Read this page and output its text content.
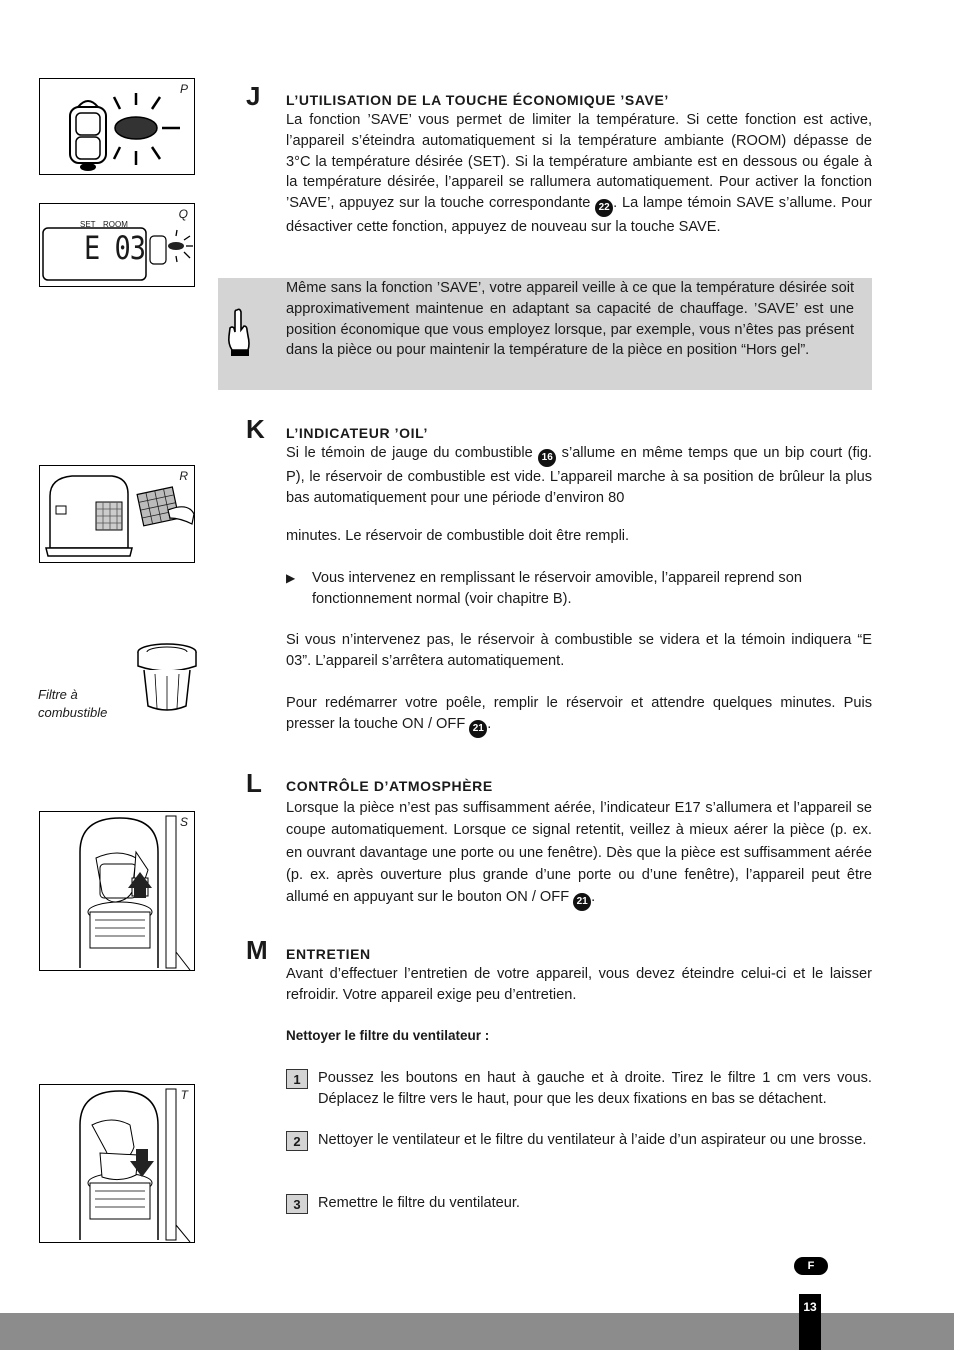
P
Q
SET ROOM
E 03
R
Filtre à
combustible
S
T
J L’UTILISATION DE LA TOUCHE ÉCONOMIQUE ’SAVE’

La fonction ’SAVE’ vous permet de limiter la température. Si cette fonction est active, l’appareil s’éteindra automatiquement si la température ambiante (ROOM) dépasse de 3°C la température désirée (SET). Si la température ambiante est en dessous ou égale à la température désirée, l’appareil se rallumera automatiquement. Pour activer la fonction ’SAVE’, appuyez sur la touche correspondante 22 . La lampe témoin SAVE s’allume. Pour désactiver cette fonction, appuyez de nouveau sur la touche SAVE.

Même sans la fonction ’SAVE’, votre appareil veille à ce que la température désirée soit approximativement maintenue en adaptant sa capacité de chauffage. ’SAVE’ est une position économique que vous employez lorsque, par exemple, vous n’êtes pas présent dans la pièce ou pour maintenir la température de la pièce en position “Hors gel”.

K L’INDICATEUR ’OIL’

Si le témoin de jauge du combustible 16 s’allume en même temps que un bip court (fig. P), le réservoir de combustible est vide. L’appareil marche à sa position de brûleur la plus bas automatiquement pour une période d’environ 80

minutes. Le réservoir de combustible doit être rempli.

▶ Vous intervenez en remplissant le réservoir amovible, l’appareil reprend son fonctionnement normal (voir chapitre B).

Si vous n’intervenez pas, le réservoir à combustible se videra et la témoin indiquera “E 03”. L’appareil s’arrêtera automatiquement.

Pour redémarrer votre poêle, remplir le réservoir et attendre quelques minutes. Puis presser la touche ON / OFF 21 .

L CONTRÔLE D’ATMOSPHÈRE

Lorsque la pièce n’est pas suffisamment aérée, l’indicateur E17 s’allumera et l’appareil se coupe automatiquement. Lorsque ce signal retentit, veillez à mieux aérer la pièce (p. ex. en ouvrant davantage une porte ou une fenêtre). Dès que la pièce est suffisamment aérée (p. ex. après ouverture plus grande d’une porte ou d’une fenêtre), l’appareil peut être allumé en appuyant sur le bouton ON / OFF 21 .

M ENTRETIEN

Avant d’effectuer l’entretien de votre appareil, vous devez éteindre celui-ci et le laisser refroidir. Votre appareil exige peu d’entretien.

Nettoyer le filtre du ventilateur :

1	Poussez les boutons en haut à gauche et à droite. Tirez le filtre 1 cm vers vous. Déplacez le filtre vers le haut, pour que les deux fixations en bas se détachent.

2	Nettoyer le ventilateur et le filtre du ventilateur à l’aide d’un aspirateur ou une brosse.

3	Remettre le filtre du ventilateur.

F
13
